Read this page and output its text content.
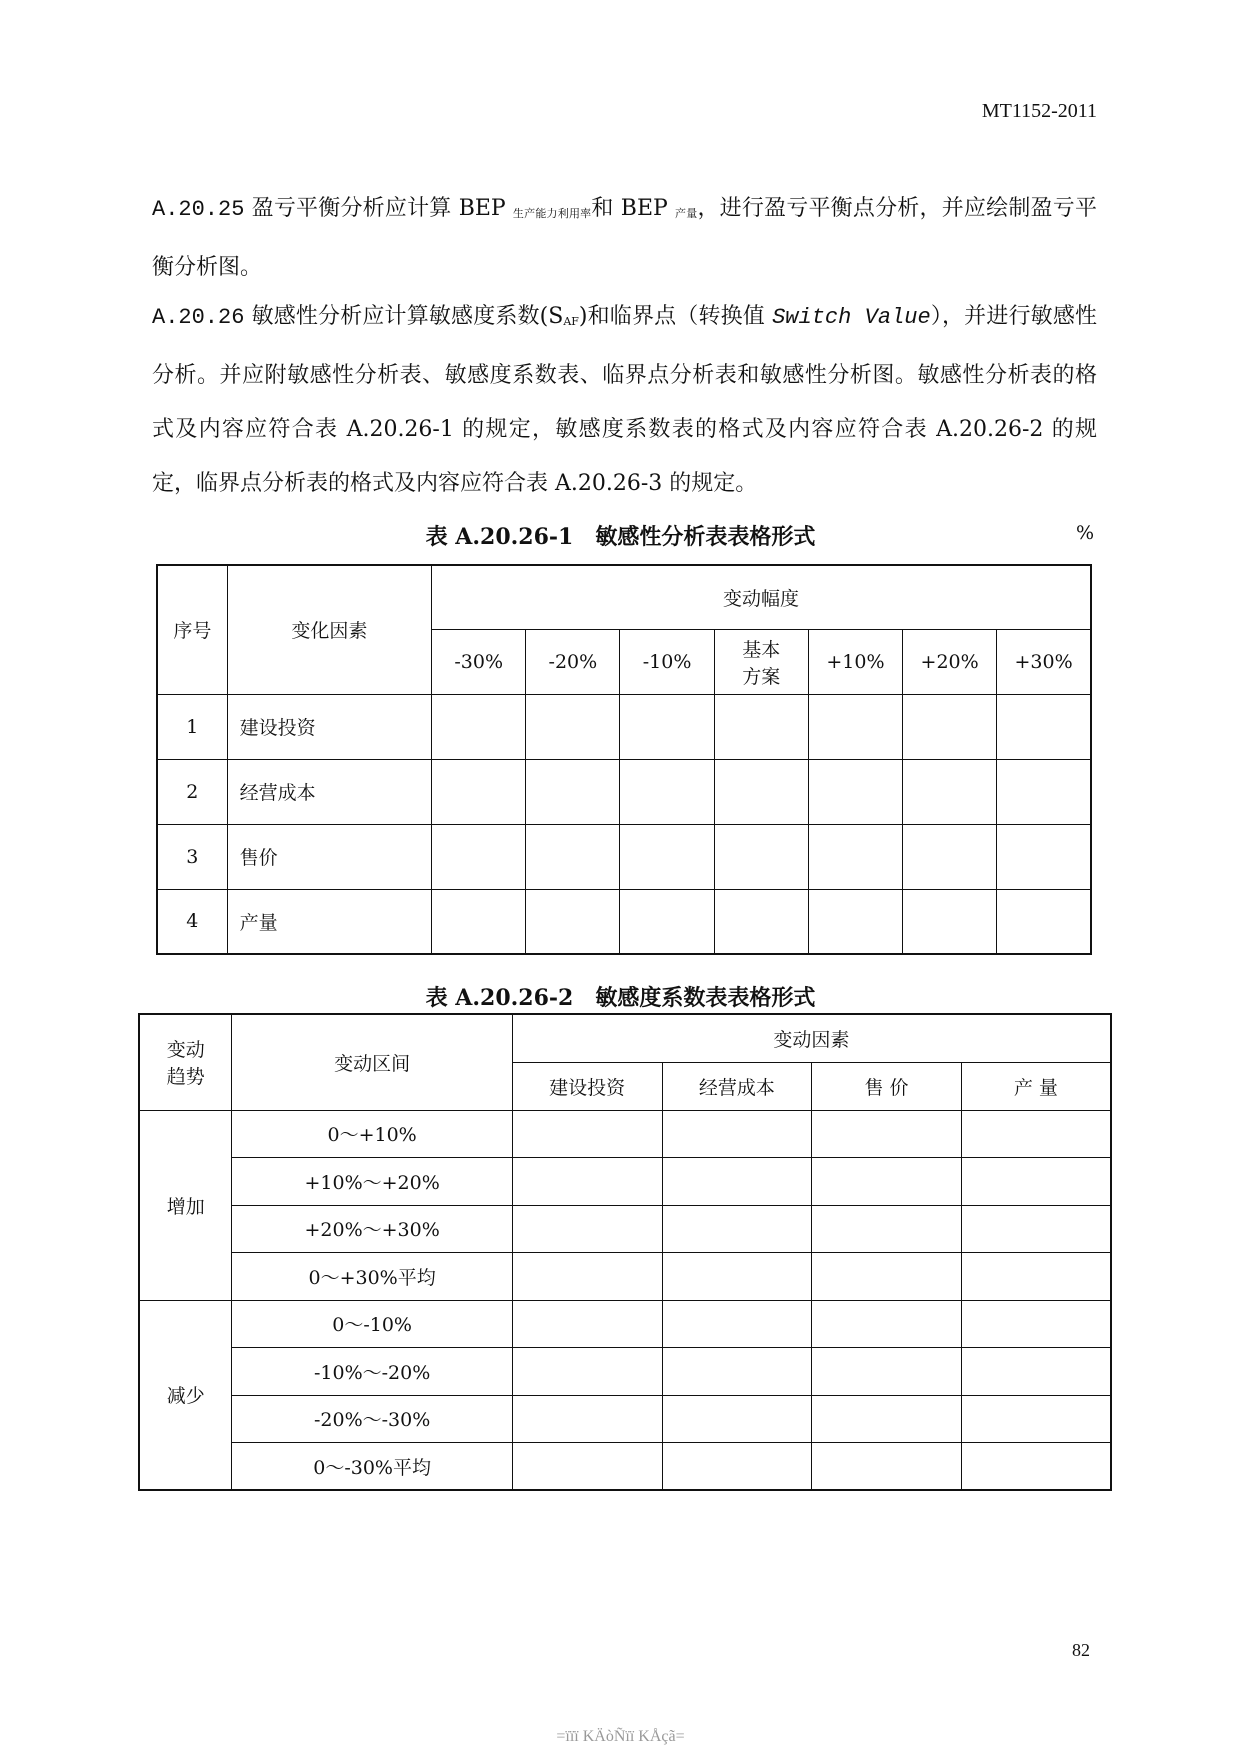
MT1152-2011
A.20.25 盈亏平衡分析应计算 BEP 生产能力利用率和 BEP 产量，进行盈亏平衡点分析，并应绘制盈亏平衡分析图。
A.20.26 敏感性分析应计算敏感度系数(SAF)和临界点（转换值 Switch Value），并进行敏感性分析。并应附敏感性分析表、敏感度系数表、临界点分析表和敏感性分析图。敏感性分析表的格式及内容应符合表 A.20.26-1 的规定，敏感度系数表的格式及内容应符合表 A.20.26-2 的规定，临界点分析表的格式及内容应符合表 A.20.26-3 的规定。
表 A.20.26-1　敏感性分析表表格形式	%
序号	变化因素	变动幅度						
		-30%	-20%	-10%	基本方案	+10%	+20%	+30%
1	建设投资							
2	经营成本							
3	售价							
4	产量							
表 A.20.26-2　敏感度系数表表格形式
变动趋势	变动区间	变动因素			
		建设投资	经营成本	售 价	产 量
增加	0～+10%				
	+10%～+20%				
	+20%～+30%				
	0～+30%平均				
减少	0～-10%				
	-10%～-20%				
	-20%～-30%				
	0～-30%平均				
82
=ïïï KÄòÑïï KÅçã=
